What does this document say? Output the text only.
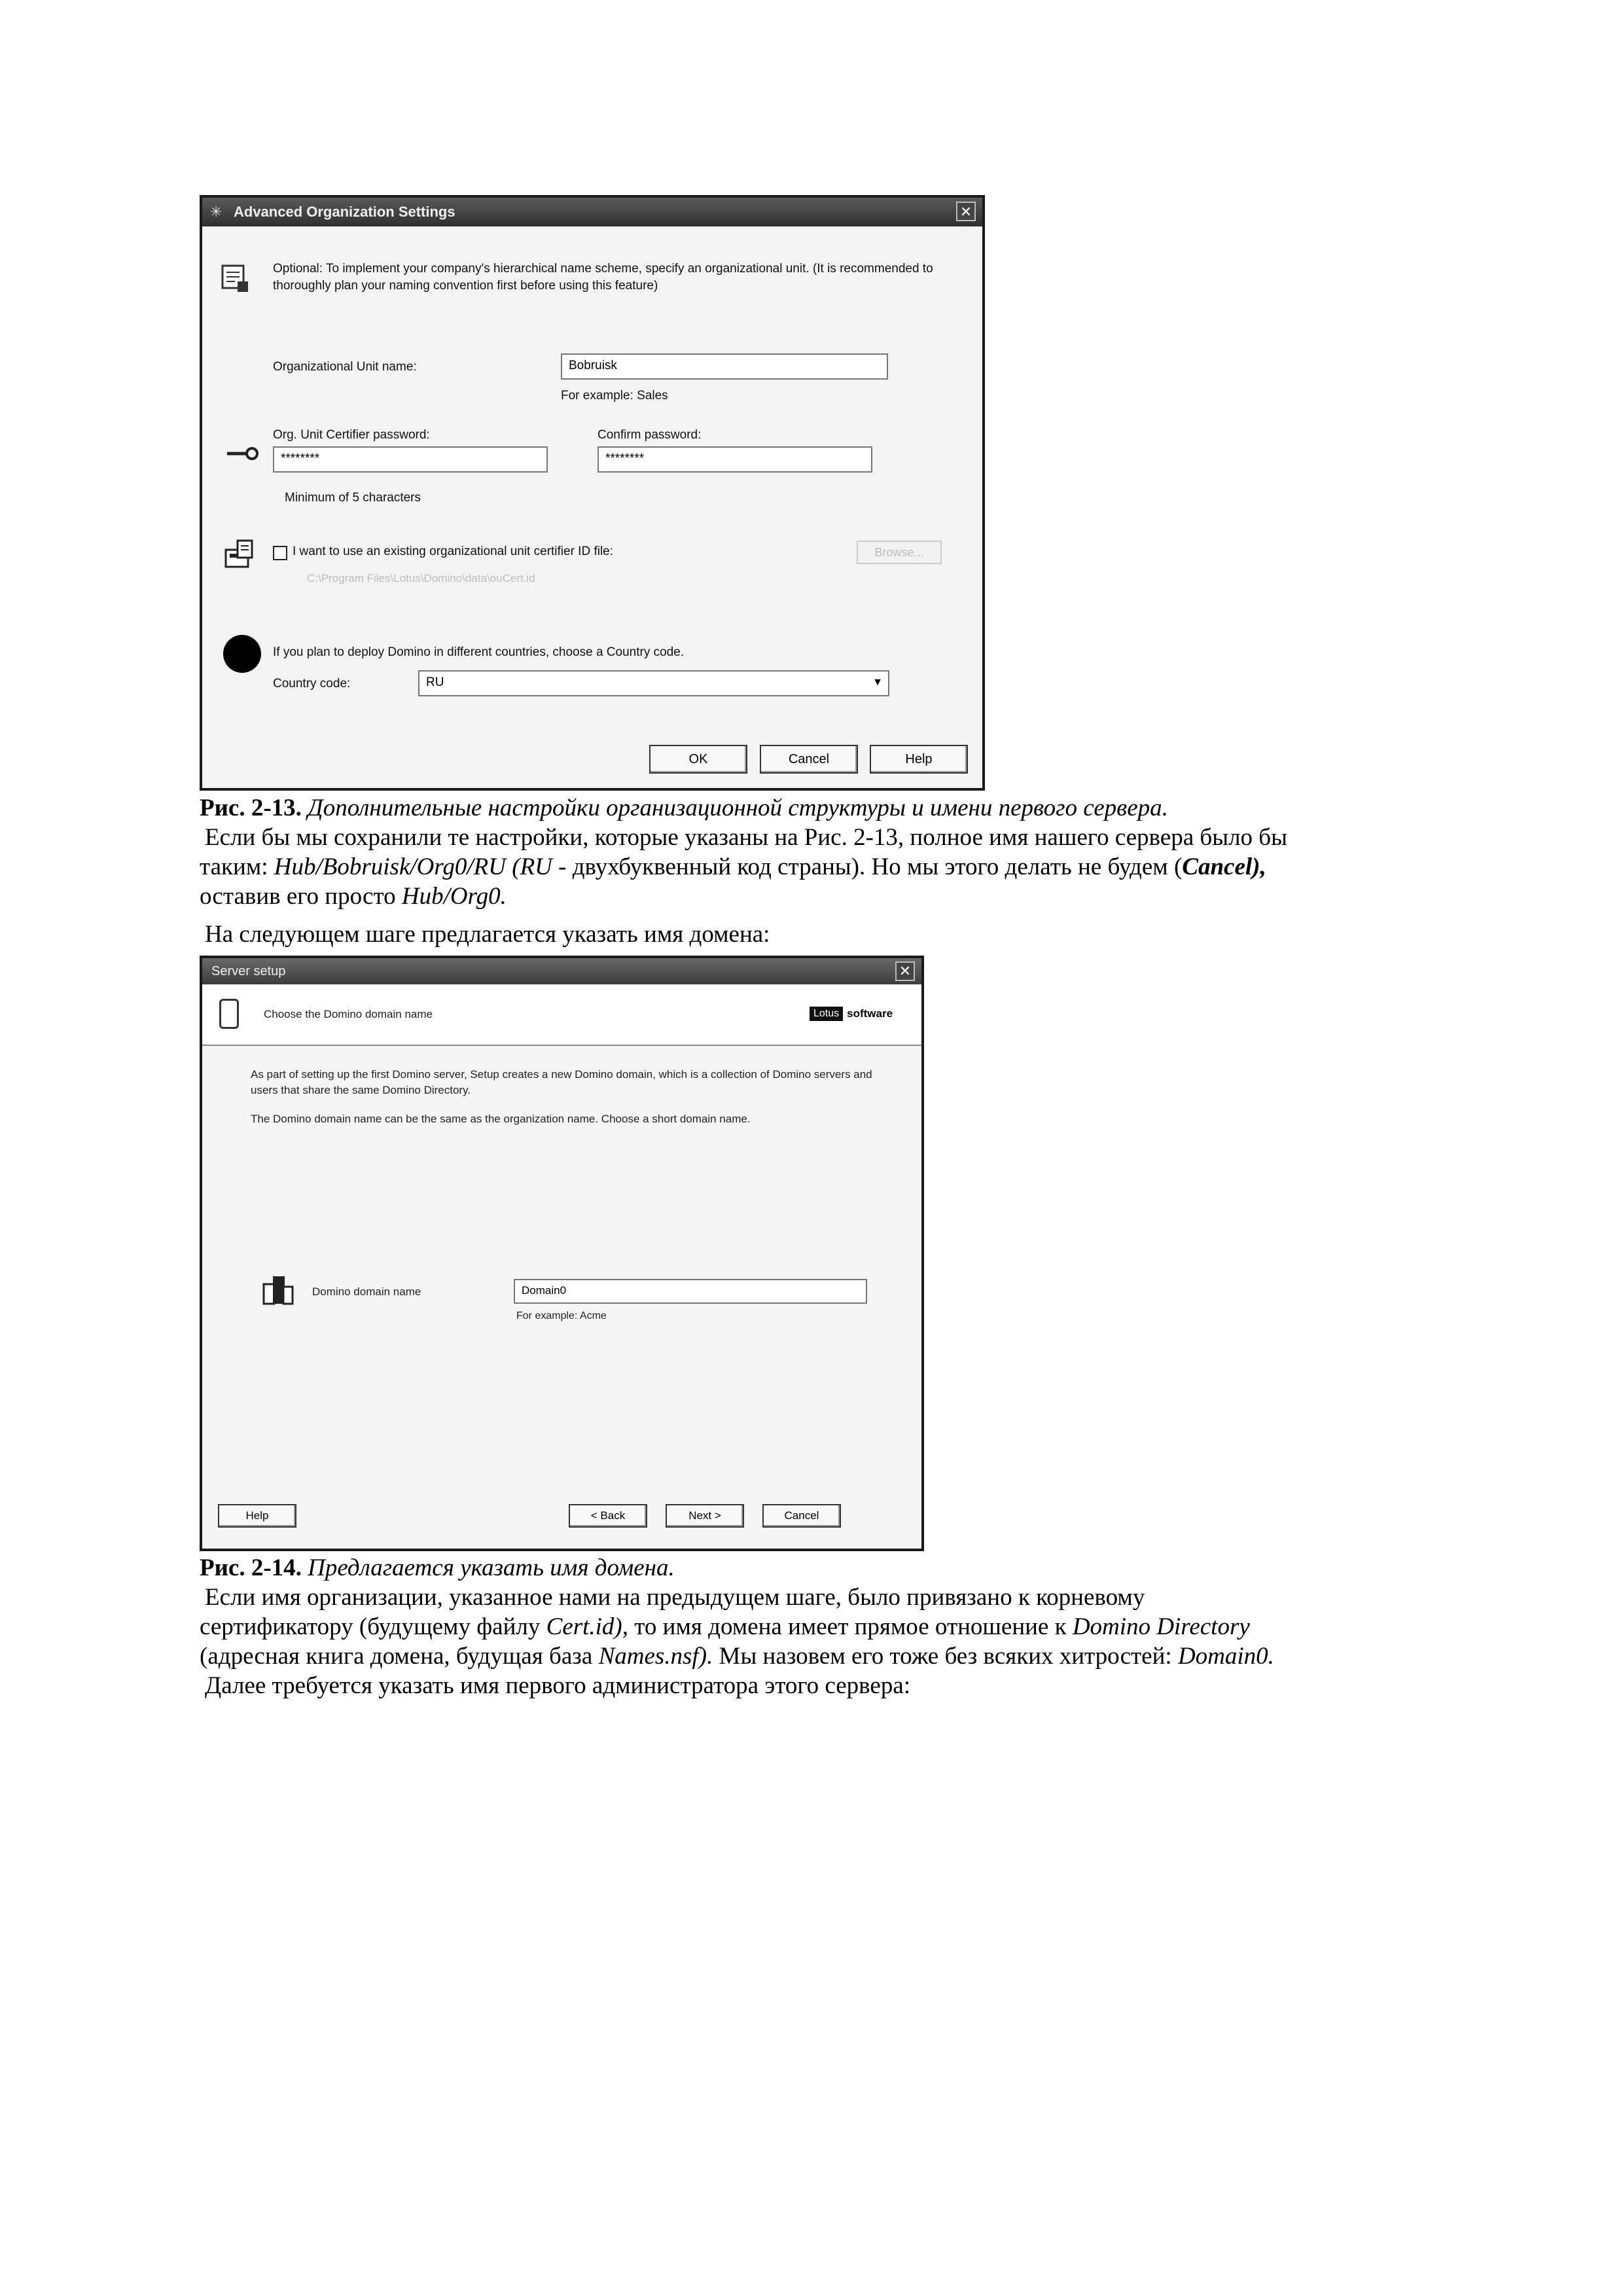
✳ Advanced Organization Settings	✕
Optional: To implement your company's hierarchical name scheme, specify an organizational unit. (It is recommended to thoroughly plan your naming convention first before using this feature)
Organizational Unit name:	Bobruisk
For example: Sales
Org. Unit Certifier password:
********
Confirm password:
********
Minimum of 5 characters
I want to use an existing organizational unit certifier ID file:	Browse...
C:\Program Files\Lotus\Domino\data\ouCert.id
If you plan to deploy Domino in different countries, choose a Country code.
Country code:	RU	▼
OK	Cancel	Help
Рис. 2-13. Дополнительные настройки организационной структуры и имени первого сервера.
Если бы мы сохранили те настройки, которые указаны на Рис. 2-13, полное имя нашего сервера было бы
таким: Hub/Bobruisk/Org0/RU (RU - двухбуквенный код страны). Но мы этого делать не будем (Cancel),
оставив его просто Hub/Org0.
На следующем шаге предлагается указать имя домена:
Server setup	✕
Choose the Domino domain name	Lotus software
As part of setting up the first Domino server, Setup creates a new Domino domain, which is a collection of Domino servers and users that share the same Domino Directory.
The Domino domain name can be the same as the organization name. Choose a short domain name.
Domino domain name	Domain0
For example: Acme
Help	< Back	Next >	Cancel
Рис. 2-14. Предлагается указать имя домена.
Если имя организации, указанное нами на предыдущем шаге, было привязано к корневому
сертификатору (будущему файлу Cert.id), то имя домена имеет прямое отношение к Domino Directory
(адресная книга домена, будущая база Names.nsf). Мы назовем его тоже без всяких хитростей: Domain0.
Далее требуется указать имя первого администратора этого сервера:
